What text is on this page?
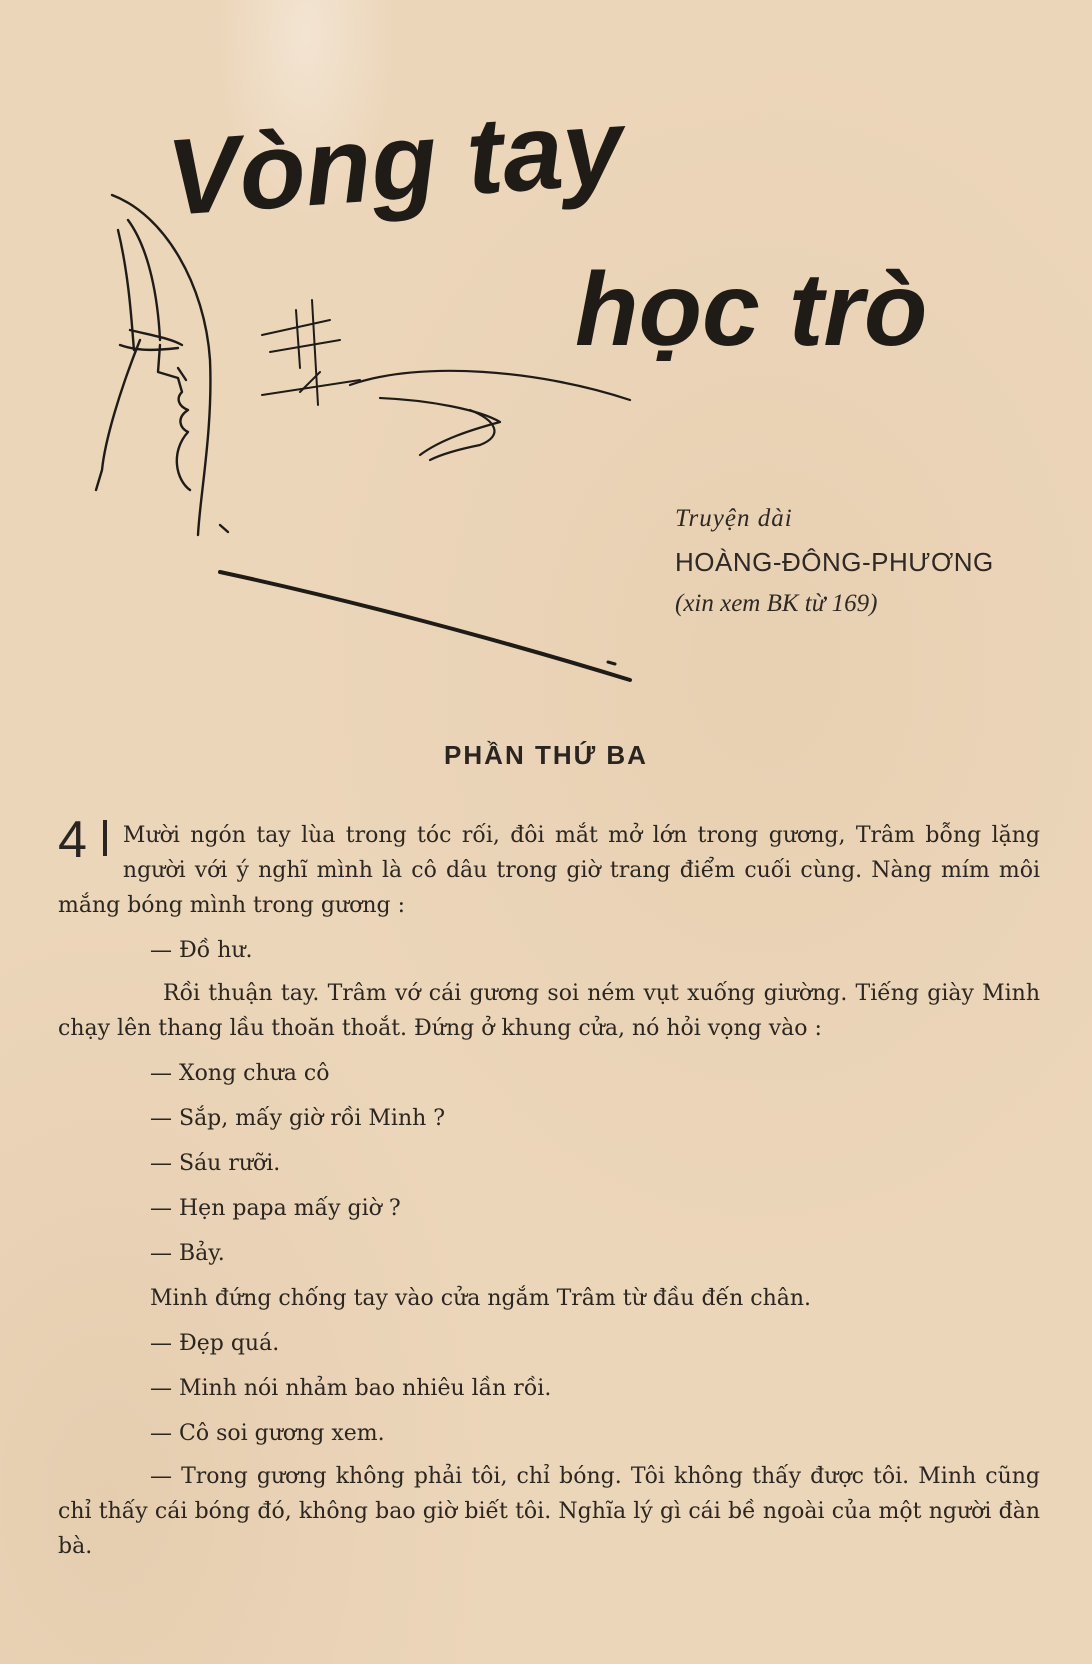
Vòng tay
học trò

Truyện dài

HOÀNG-ĐÔNG-PHƯƠNG

(xin xem BK từ 169)

PHẦN THỨ BA

4 Mười ngón tay lùa trong tóc rối, đôi mắt mở lớn trong gương, Trâm bỗng lặng người với ý nghĩ mình là cô dâu trong giờ trang điểm cuối cùng. Nàng mím môi mắng bóng mình trong gương :

— Đồ hư.

Rồi thuận tay. Trâm vớ cái gương soi ném vụt xuống giường. Tiếng giày Minh chạy lên thang lầu thoăn thoắt. Đứng ở khung cửa, nó hỏi vọng vào :

— Xong chưa cô

— Sắp, mấy giờ rồi Minh ?

— Sáu rưỡi.

— Hẹn papa mấy giờ ?

— Bảy.

Minh đứng chống tay vào cửa ngắm Trâm từ đầu đến chân.

— Đẹp quá.

— Minh nói nhảm bao nhiêu lần rồi.

— Cô soi gương xem.

— Trong gương không phải tôi, chỉ bóng. Tôi không thấy được tôi. Minh cũng chỉ thấy cái bóng đó, không bao giờ biết tôi. Nghĩa lý gì cái bề ngoài của một người đàn bà.
